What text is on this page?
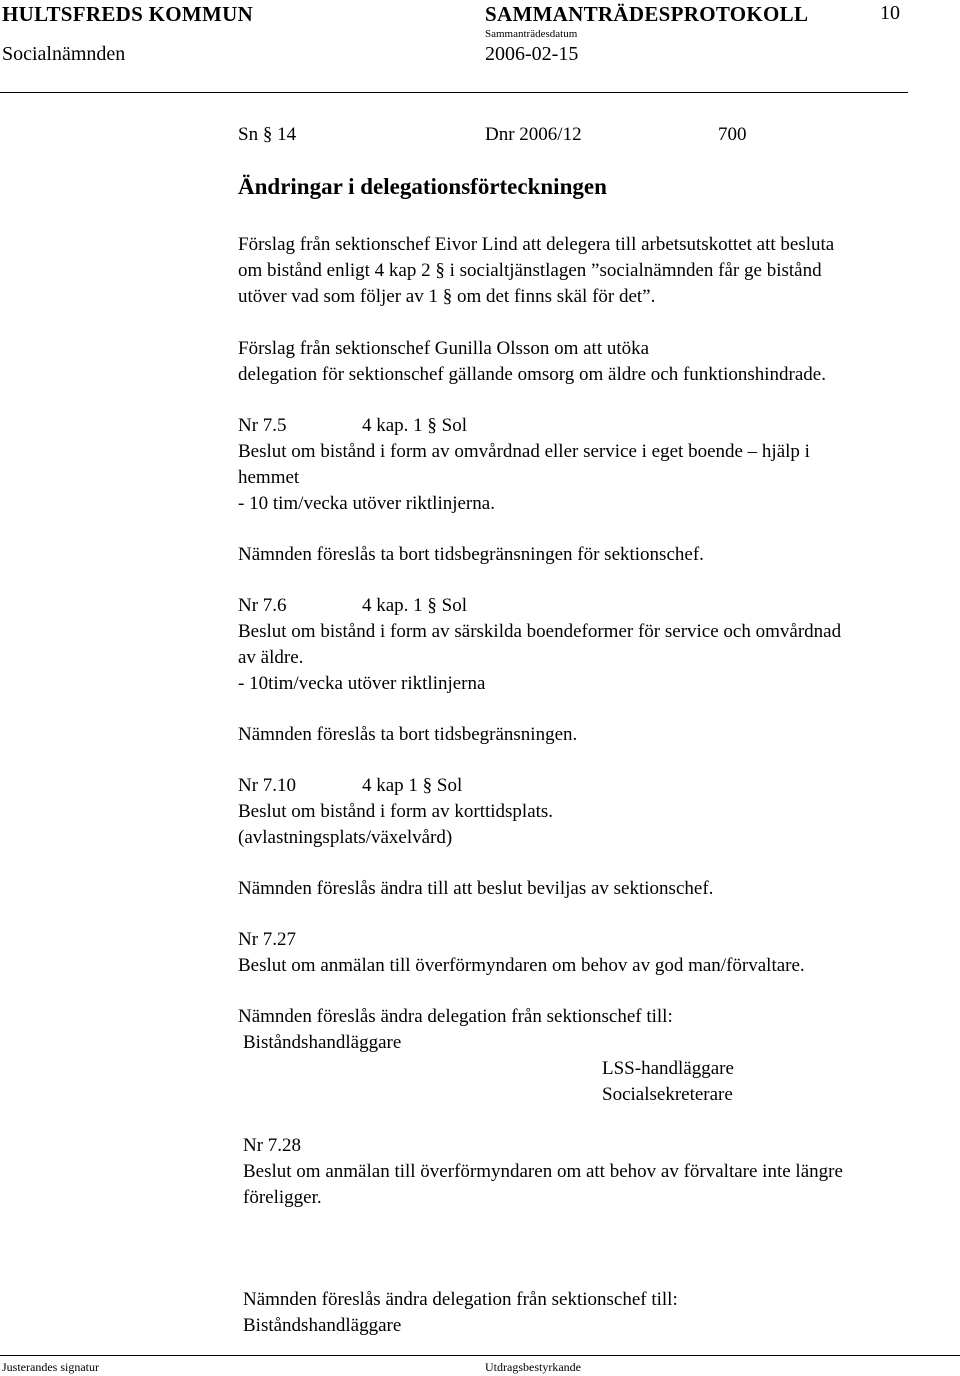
HULTSFREDS KOMMUN	SAMMANTRÄDESPROTOKOLL	10
Sammanträdesdatum
Socialnämnden	2006-02-15
Sn § 14	Dnr 2006/12	700
Ändringar i delegationsförteckningen
Förslag från sektionschef Eivor Lind att delegera till arbetsutskottet att besluta
om bistånd enligt 4 kap 2 § i socialtjänstlagen ”socialnämnden får ge bistånd
utöver vad som följer av 1 § om det finns skäl för det”.
Förslag från sektionschef Gunilla Olsson om att utöka
delegation för sektionschef gällande omsorg om äldre och funktionshindrade.
Nr 7.5	4 kap. 1 § Sol
Beslut om bistånd i form av omvårdnad eller service i eget boende – hjälp i
hemmet
- 10 tim/vecka utöver riktlinjerna.
Nämnden föreslås ta bort tidsbegränsningen för sektionschef.
Nr 7.6	4 kap. 1 § Sol
Beslut om bistånd i form av särskilda boendeformer för service och omvårdnad
av äldre.
- 10tim/vecka utöver riktlinjerna
Nämnden föreslås ta bort tidsbegränsningen.
Nr 7.10	4 kap 1 § Sol
Beslut om bistånd i form av korttidsplats.
(avlastningsplats/växelvård)
Nämnden föreslås ändra till att beslut beviljas av sektionschef.
Nr 7.27
Beslut om anmälan till överförmyndaren om behov av god man/förvaltare.
Nämnden föreslås ändra delegation från sektionschef till:
Biståndshandläggare
LSS-handläggare
Socialsekreterare
Nr 7.28
Beslut om anmälan till överförmyndaren om att behov av förvaltare inte längre
föreligger.
Nämnden föreslås ändra delegation från sektionschef till:
Biståndshandläggare
Justerandes signatur	Utdragsbestyrkande
